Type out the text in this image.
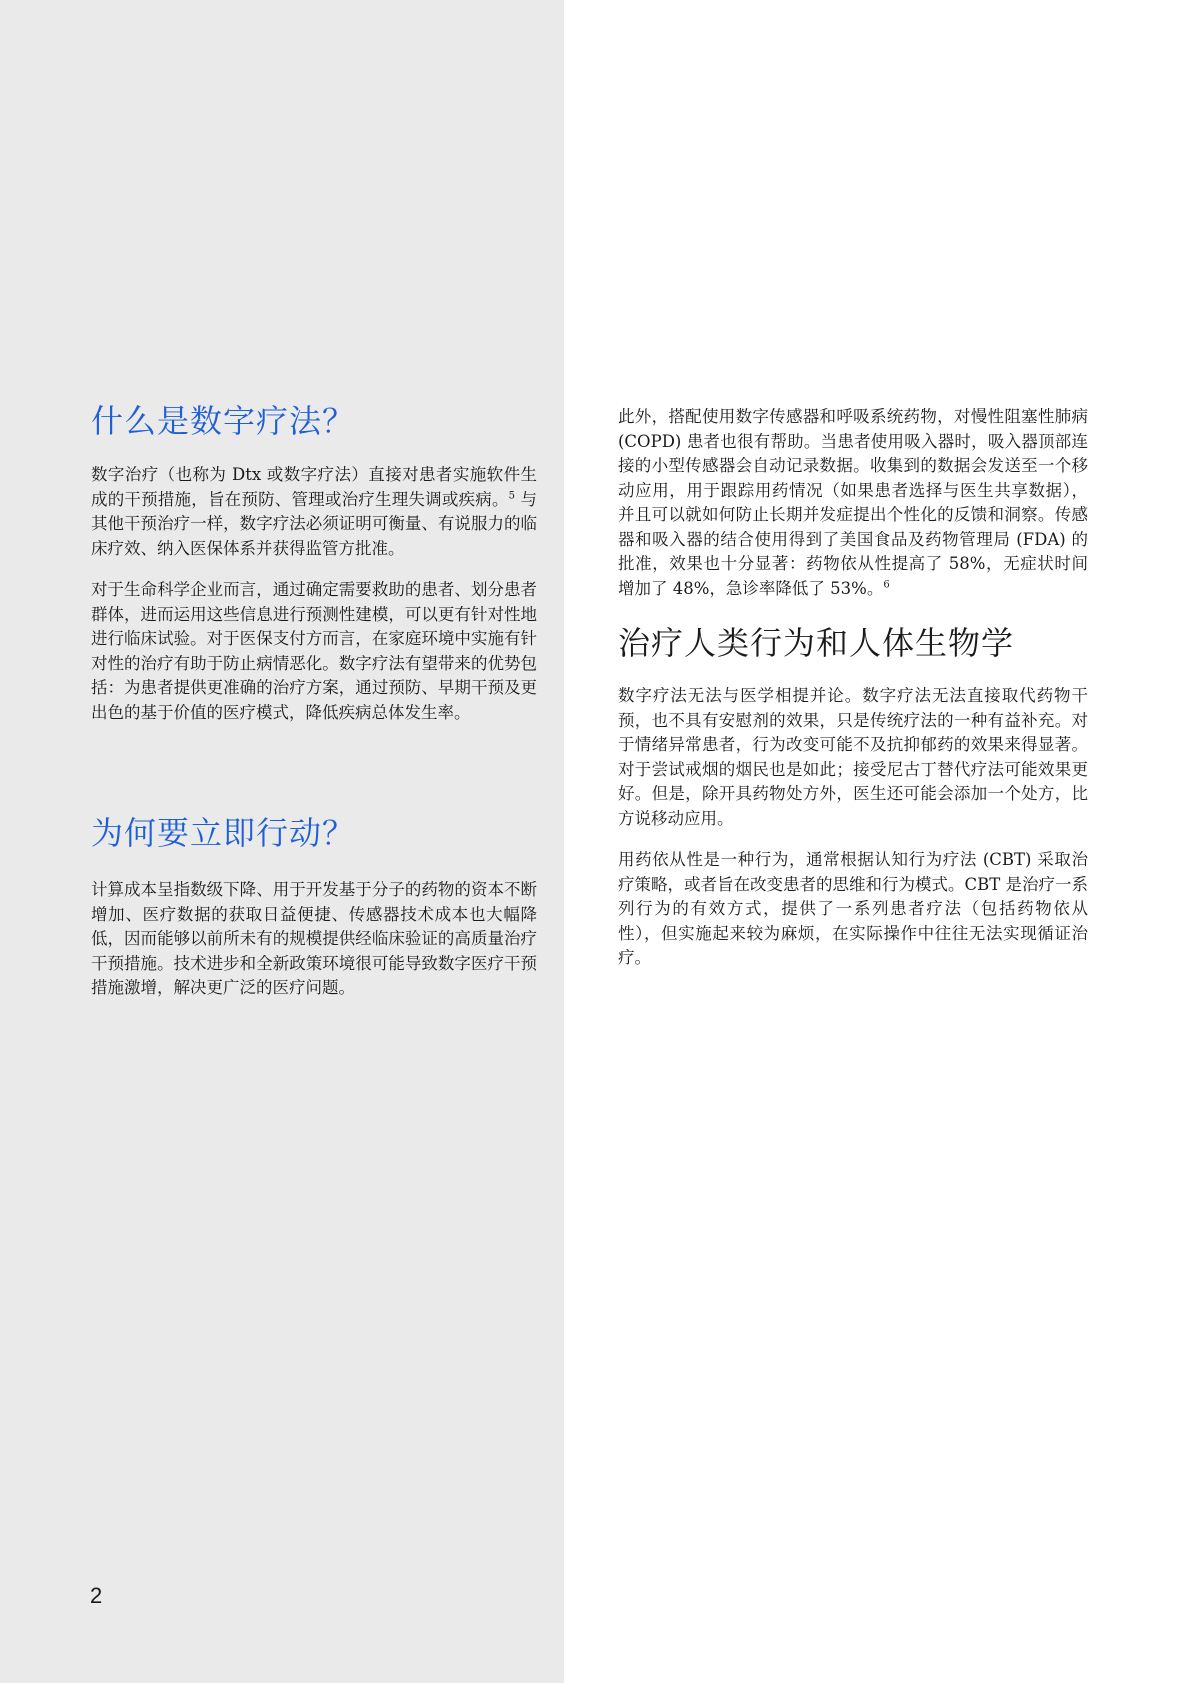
什么是数字疗法？

数字治疗（也称为 Dtx 或数字疗法）直接对患者实施软件生成的干预措施，旨在预防、管理或治疗生理失调或疾病。$^5$ 与其他干预治疗一样，数字疗法必须证明可衡量、有说服力的临床疗效、纳入医保体系并获得监管方批准。

对于生命科学企业而言，通过确定需要救助的患者、划分患者群体，进而运用这些信息进行预测性建模，可以更有针对性地进行临床试验。对于医保支付方而言，在家庭环境中实施有针对性的治疗有助于防止病情恶化。数字疗法有望带来的优势包括：为患者提供更准确的治疗方案，通过预防、早期干预及更出色的基于价值的医疗模式，降低疾病总体发生率。

为何要立即行动？

计算成本呈指数级下降、用于开发基于分子的药物的资本不断增加、医疗数据的获取日益便捷、传感器技术成本也大幅降低，因而能够以前所未有的规模提供经临床验证的高质量治疗干预措施。技术进步和全新政策环境很可能导致数字医疗干预措施激增，解决更广泛的医疗问题。

此外，搭配使用数字传感器和呼吸系统药物，对慢性阻塞性肺病 (COPD) 患者也很有帮助。当患者使用吸入器时，吸入器顶部连接的小型传感器会自动记录数据。收集到的数据会发送至一个移动应用，用于跟踪用药情况（如果患者选择与医生共享数据），并且可以就如何防止长期并发症提出个性化的反馈和洞察。传感器和吸入器的结合使用得到了美国食品及药物管理局 (FDA) 的批准，效果也十分显著：药物依从性提高了 58%，无症状时间增加了 48%，急诊率降低了 53%。$^6$

治疗人类行为和人体生物学

数字疗法无法与医学相提并论。数字疗法无法直接取代药物干预，也不具有安慰剂的效果，只是传统疗法的一种有益补充。对于情绪异常患者，行为改变可能不及抗抑郁药的效果来得显著。对于尝试戒烟的烟民也是如此；接受尼古丁替代疗法可能效果更好。但是，除开具药物处方外，医生还可能会添加一个处方，比方说移动应用。

用药依从性是一种行为，通常根据认知行为疗法 (CBT) 采取治疗策略，或者旨在改变患者的思维和行为模式。CBT 是治疗一系列行为的有效方式，提供了一系列患者疗法（包括药物依从性），但实施起来较为麻烦，在实际操作中往往无法实现循证治疗。

2
